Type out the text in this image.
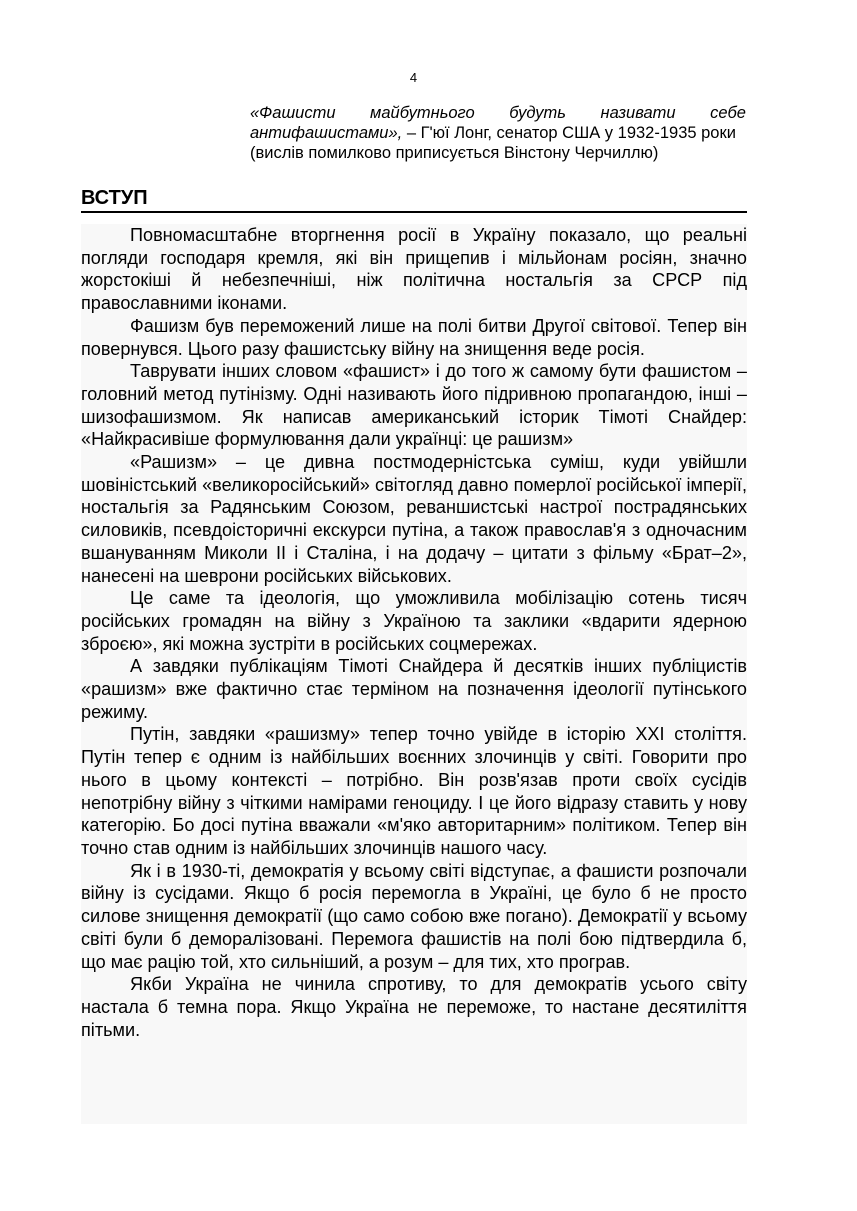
4
«Фашисти майбутнього будуть називати себе антифашистами», – Г'юї Лонг, сенатор США у 1932-1935 роки
(вислів помилково приписується Вінстону Черчиллю)
ВСТУП

Повномасштабне вторгнення росії в Україну показало, що реальні погляди господаря кремля, які він прищепив і мільйонам росіян, значно жорстокіші й небезпечніші, ніж політична ностальгія за СРСР під православними іконами.

Фашизм був переможений лише на полі битви Другої світової. Тепер він повернувся. Цього разу фашистську війну на знищення веде росія.

Таврувати інших словом «фашист» і до того ж самому бути фашистом – головний метод путінізму. Одні називають його підривною пропагандою, інші – шизофашизмом. Як написав американський історик Тімоті Снайдер: «Найкрасивіше формулювання дали українці: це рашизм»

«Рашизм» – це дивна постмодерністська суміш, куди увійшли шовіністський «великоросійський» світогляд давно померлої російської імперії, ностальгія за Радянським Союзом, реваншистські настрої пострадянських силовиків, псевдоісторичні екскурси путіна, а також православ'я з одночасним вшануванням Миколи ІІ і Сталіна, і на додачу – цитати з фільму «Брат–2», нанесені на шеврони російських військових.

Це саме та ідеологія, що уможливила мобілізацію сотень тисяч російських громадян на війну з Україною та заклики «вдарити ядерною зброєю», які можна зустріти в російських соцмережах.

А завдяки публікаціям Тімоті Снайдера й десятків інших публіцистів «рашизм» вже фактично стає терміном на позначення ідеології путінського режиму.

Путін, завдяки «рашизму» тепер точно увійде в історію XXI століття. Путін тепер є одним із найбільших воєнних злочинців у світі. Говорити про нього в цьому контексті – потрібно. Він розв'язав проти своїх сусідів непотрібну війну з чіткими намірами геноциду. І це його відразу ставить у нову категорію. Бо досі путіна вважали «м'яко авторитарним» політиком. Тепер він точно став одним із найбільших злочинців нашого часу.

Як і в 1930-ті, демократія у всьому світі відступає, а фашисти розпочали війну із сусідами. Якщо б росія перемогла в Україні, це було б не просто силове знищення демократії (що само собою вже погано). Демократії у всьому світі були б деморалізовані. Перемога фашистів на полі бою підтвердила б, що має рацію той, хто сильніший, а розум – для тих, хто програв.

Якби Україна не чинила спротиву, то для демократів усього світу настала б темна пора. Якщо Україна не переможе, то настане десятиліття пітьми.
